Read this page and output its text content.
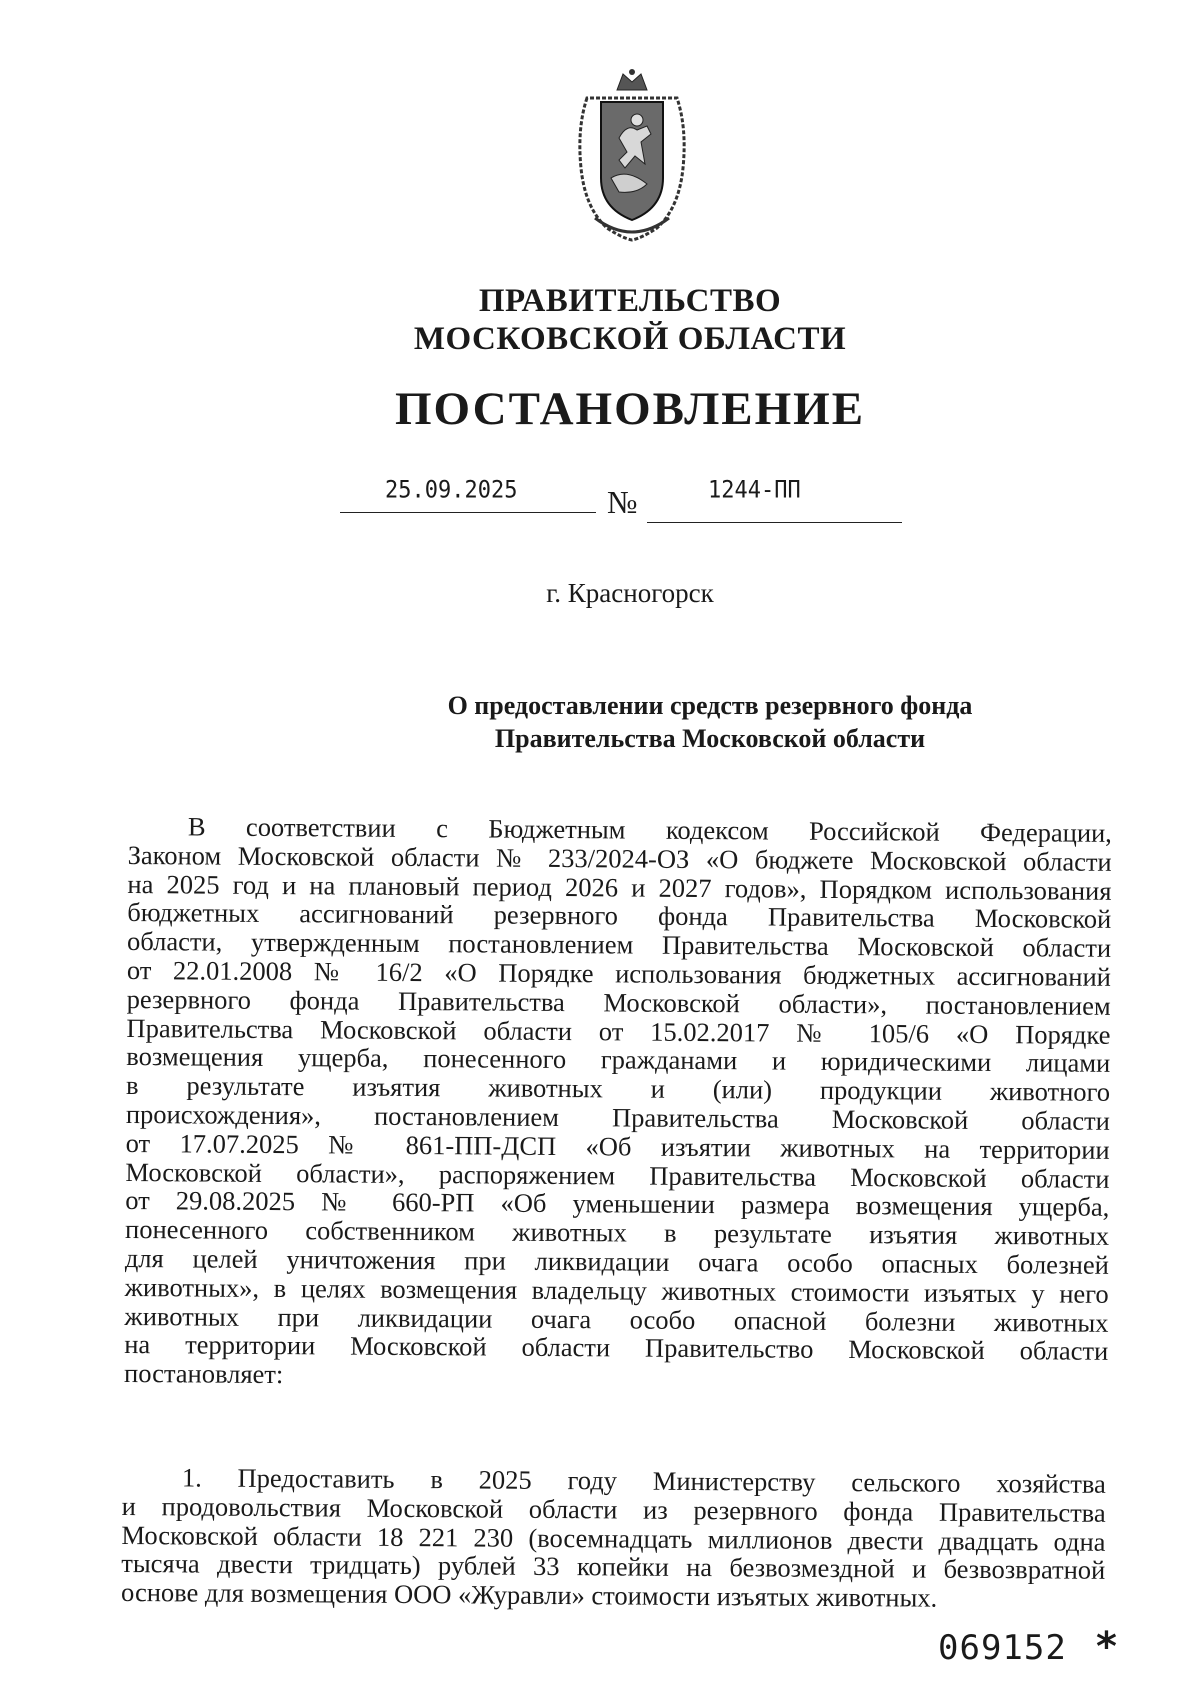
ПРАВИТЕЛЬСТВО
МОСКОВСКОЙ ОБЛАСТИ
ПОСТАНОВЛЕНИЕ
25.09.2025	№	1244-ПП
г. Красногорск
О предоставлении средств резервного фонда
Правительства Московской области
В соответствии с Бюджетным кодексом Российской Федерации,
Законом Московской области № 233/2024-ОЗ «О бюджете Московской области
на 2025 год и на плановый период 2026 и 2027 годов», Порядком использования
бюджетных ассигнований резервного фонда Правительства Московской
области, утвержденным постановлением Правительства Московской области
от 22.01.2008 № 16/2 «О Порядке использования бюджетных ассигнований
резервного фонда Правительства Московской области», постановлением
Правительства Московской области от 15.02.2017 № 105/6 «О Порядке
возмещения ущерба, понесенного гражданами и юридическими лицами
в результате изъятия животных и (или) продукции животного
происхождения», постановлением Правительства Московской области
от 17.07.2025 № 861-ПП-ДСП «Об изъятии животных на территории
Московской области», распоряжением Правительства Московской области
от 29.08.2025 № 660-РП «Об уменьшении размера возмещения ущерба,
понесенного собственником животных в результате изъятия животных
для целей уничтожения при ликвидации очага особо опасных болезней
животных», в целях возмещения владельцу животных стоимости изъятых у него
животных при ликвидации очага особо опасной болезни животных
на территории Московской области Правительство Московской области
постановляет:
1. Предоставить в 2025 году Министерству сельского хозяйства
и продовольствия Московской области из резервного фонда Правительства
Московской области 18 221 230 (восемнадцать миллионов двести двадцать одна
тысяча двести тридцать) рублей 33 копейки на безвозмездной и безвозвратной
основе для возмещения ООО «Журавли» стоимости изъятых животных.
069152 *
